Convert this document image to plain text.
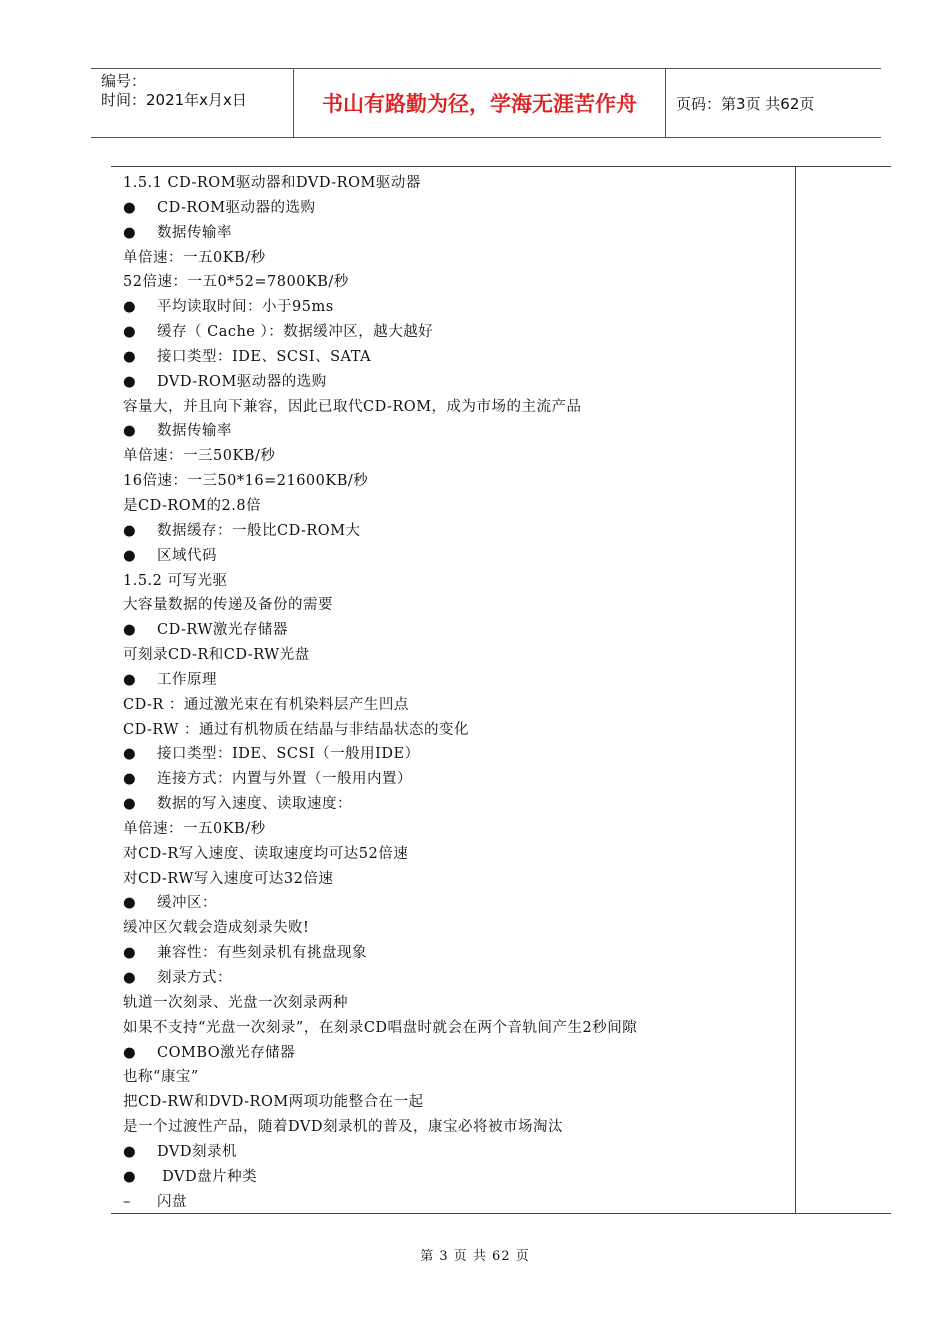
编号：
时间：2021年x月x日	书山有路勤为径，学海无涯苦作舟	页码：第3页 共62页
1.5.1 CD-ROM驱动器和DVD-ROM驱动器
● CD-ROM驱动器的选购
● 数据传输率
单倍速：一五0KB/秒
52倍速：一五0*52=7800KB/秒
● 平均读取时间：小于95ms
● 缓存（ Cache ）：数据缓冲区，越大越好
● 接口类型：IDE、SCSI、SATA
● DVD-ROM驱动器的选购
容量大，并且向下兼容，因此已取代CD-ROM，成为市场的主流产品
● 数据传输率
单倍速：一三50KB/秒
16倍速：一三50*16=21600KB/秒
是CD-ROM的2.8倍
● 数据缓存：一般比CD-ROM大
● 区域代码
1.5.2 可写光驱
大容量数据的传递及备份的需要
● CD-RW激光存储器
可刻录CD-R和CD-RW光盘
● 工作原理
CD-R ：通过激光束在有机染料层产生凹点
CD-RW ：通过有机物质在结晶与非结晶状态的变化
● 接口类型：IDE、SCSI（一般用IDE）
● 连接方式：内置与外置（一般用内置）
● 数据的写入速度、读取速度：
单倍速：一五0KB/秒
对CD-R写入速度、读取速度均可达52倍速
对CD-RW写入速度可达32倍速
● 缓冲区：
缓冲区欠载会造成刻录失败!
● 兼容性：有些刻录机有挑盘现象
● 刻录方式：
轨道一次刻录、光盘一次刻录两种
如果不支持“光盘一次刻录”，在刻录CD唱盘时就会在两个音轨间产生2秒间隙
● COMBO激光存储器
也称“康宝”
把CD-RW和DVD-ROM两项功能整合在一起
是一个过渡性产品，随着DVD刻录机的普及，康宝必将被市场淘汰
● DVD刻录机
● DVD盘片种类
– 闪盘
第 3 页 共 62 页
